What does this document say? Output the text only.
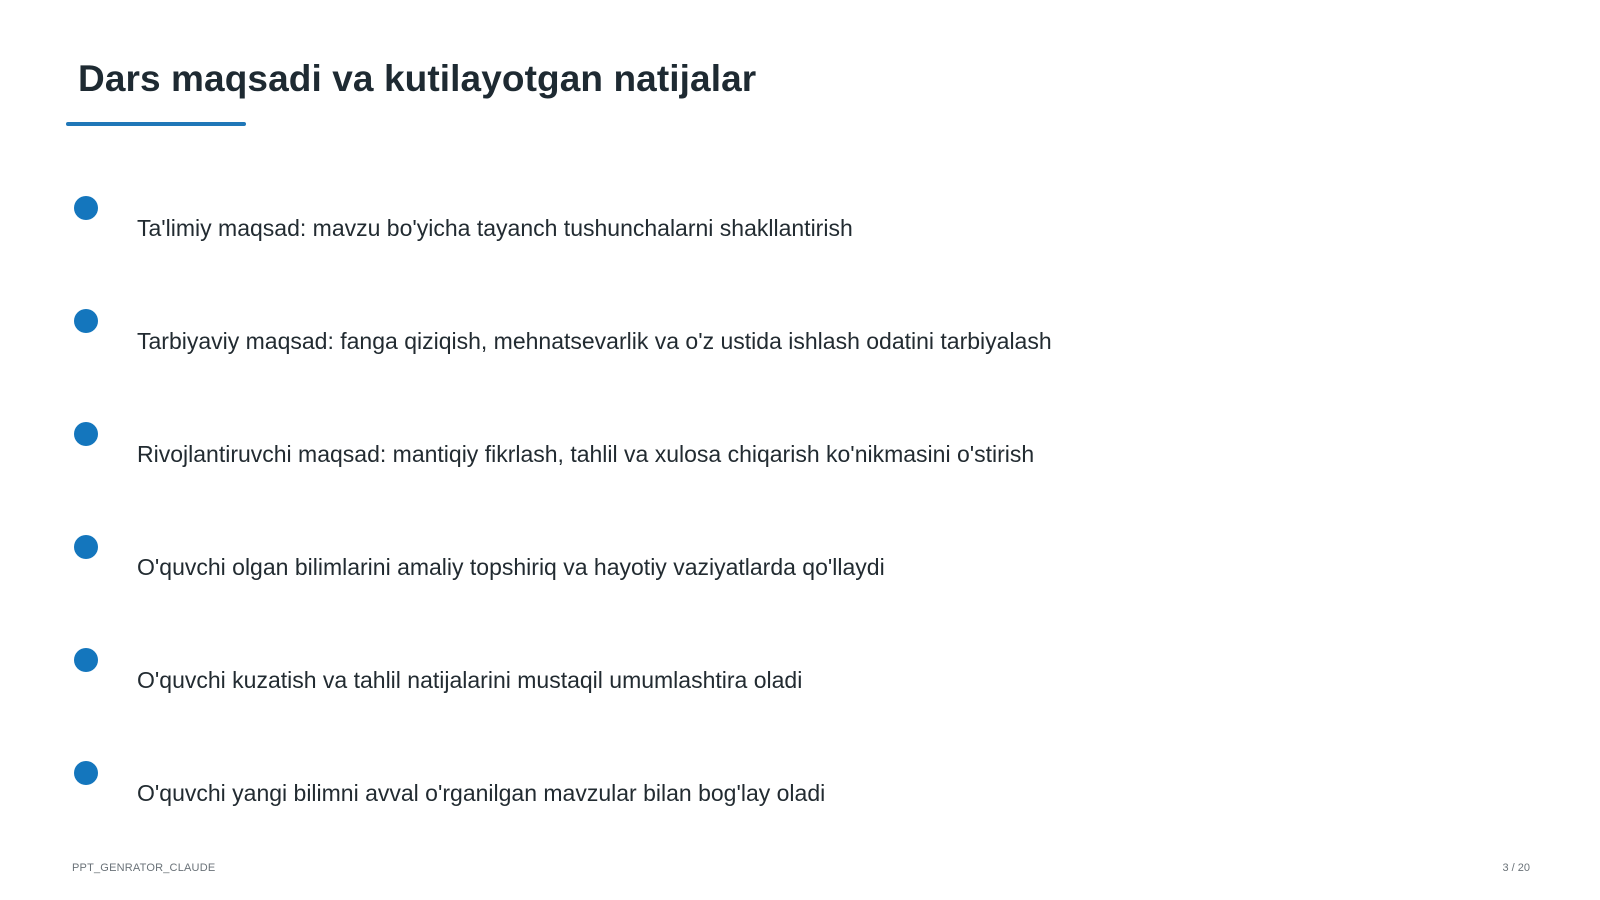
Dars maqsadi va kutilayotgan natijalar
Ta'limiy maqsad: mavzu bo'yicha tayanch tushunchalarni shakllantirish
Tarbiyaviy maqsad: fanga qiziqish, mehnatsevarlik va o'z ustida ishlash odatini tarbiyalash
Rivojlantiruvchi maqsad: mantiqiy fikrlash, tahlil va xulosa chiqarish ko'nikmasini o'stirish
O'quvchi olgan bilimlarini amaliy topshiriq va hayotiy vaziyatlarda qo'llaydi
O'quvchi kuzatish va tahlil natijalarini mustaqil umumlashtira oladi
O'quvchi yangi bilimni avval o'rganilgan mavzular bilan bog'lay oladi
PPT_GENRATOR_CLAUDE	3 / 20
